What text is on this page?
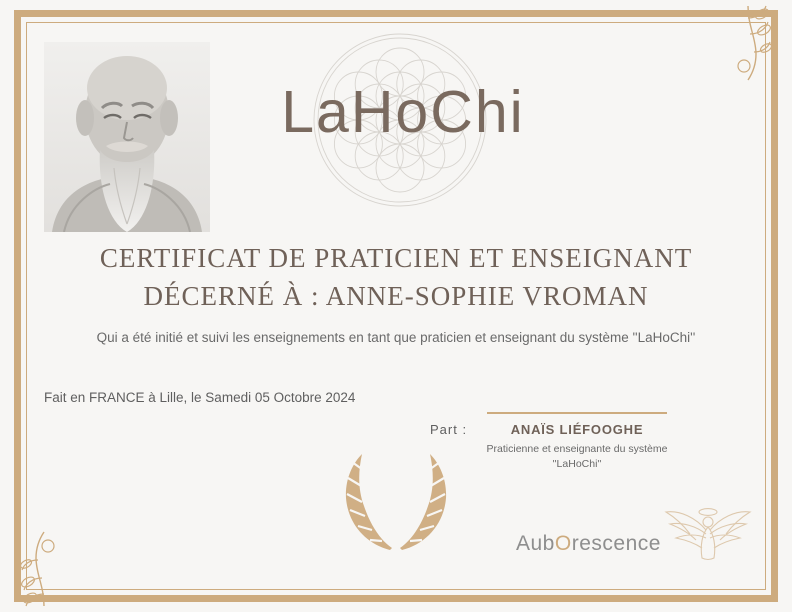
LaHoChi
CERTIFICAT DE PRATICIEN ET ENSEIGNANT
DÉCERNÉ À : ANNE-SOPHIE VROMAN
Qui a été initié et suivi les enseignements en tant que praticien et enseignant du système ''LaHoChi''
Fait en FRANCE à Lille, le Samedi 05 Octobre 2024
Part :	ANAÏS LIÉFOOGHE
Praticienne et enseignante du système ''LaHoChi''
AubOrescence
